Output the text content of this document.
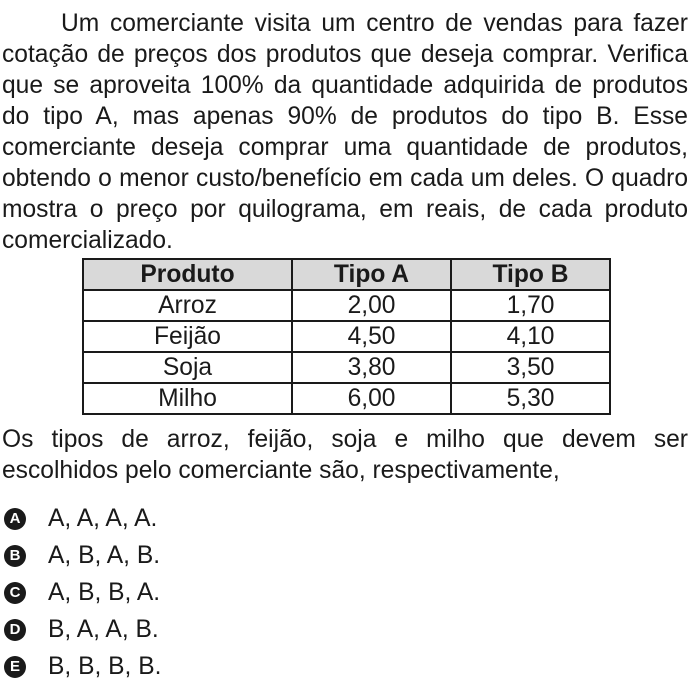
Um comerciante visita um centro de vendas para fazer cotação de preços dos produtos que deseja comprar. Verifica que se aproveita 100% da quantidade adquirida de produtos do tipo A, mas apenas 90% de produtos do tipo B. Esse comerciante deseja comprar uma quantidade de produtos, obtendo o menor custo/benefício em cada um deles. O quadro mostra o preço por quilograma, em reais, de cada produto comercializado.

Produto	Tipo A	Tipo B
Arroz	2,00	1,70
Feijão	4,50	4,10
Soja	3,80	3,50
Milho	6,00	5,30

Os tipos de arroz, feijão, soja e milho que devem ser escolhidos pelo comerciante são, respectivamente,

A A, A, A, A.
B A, B, A, B.
C A, B, B, A.
D B, A, A, B.
E B, B, B, B.
